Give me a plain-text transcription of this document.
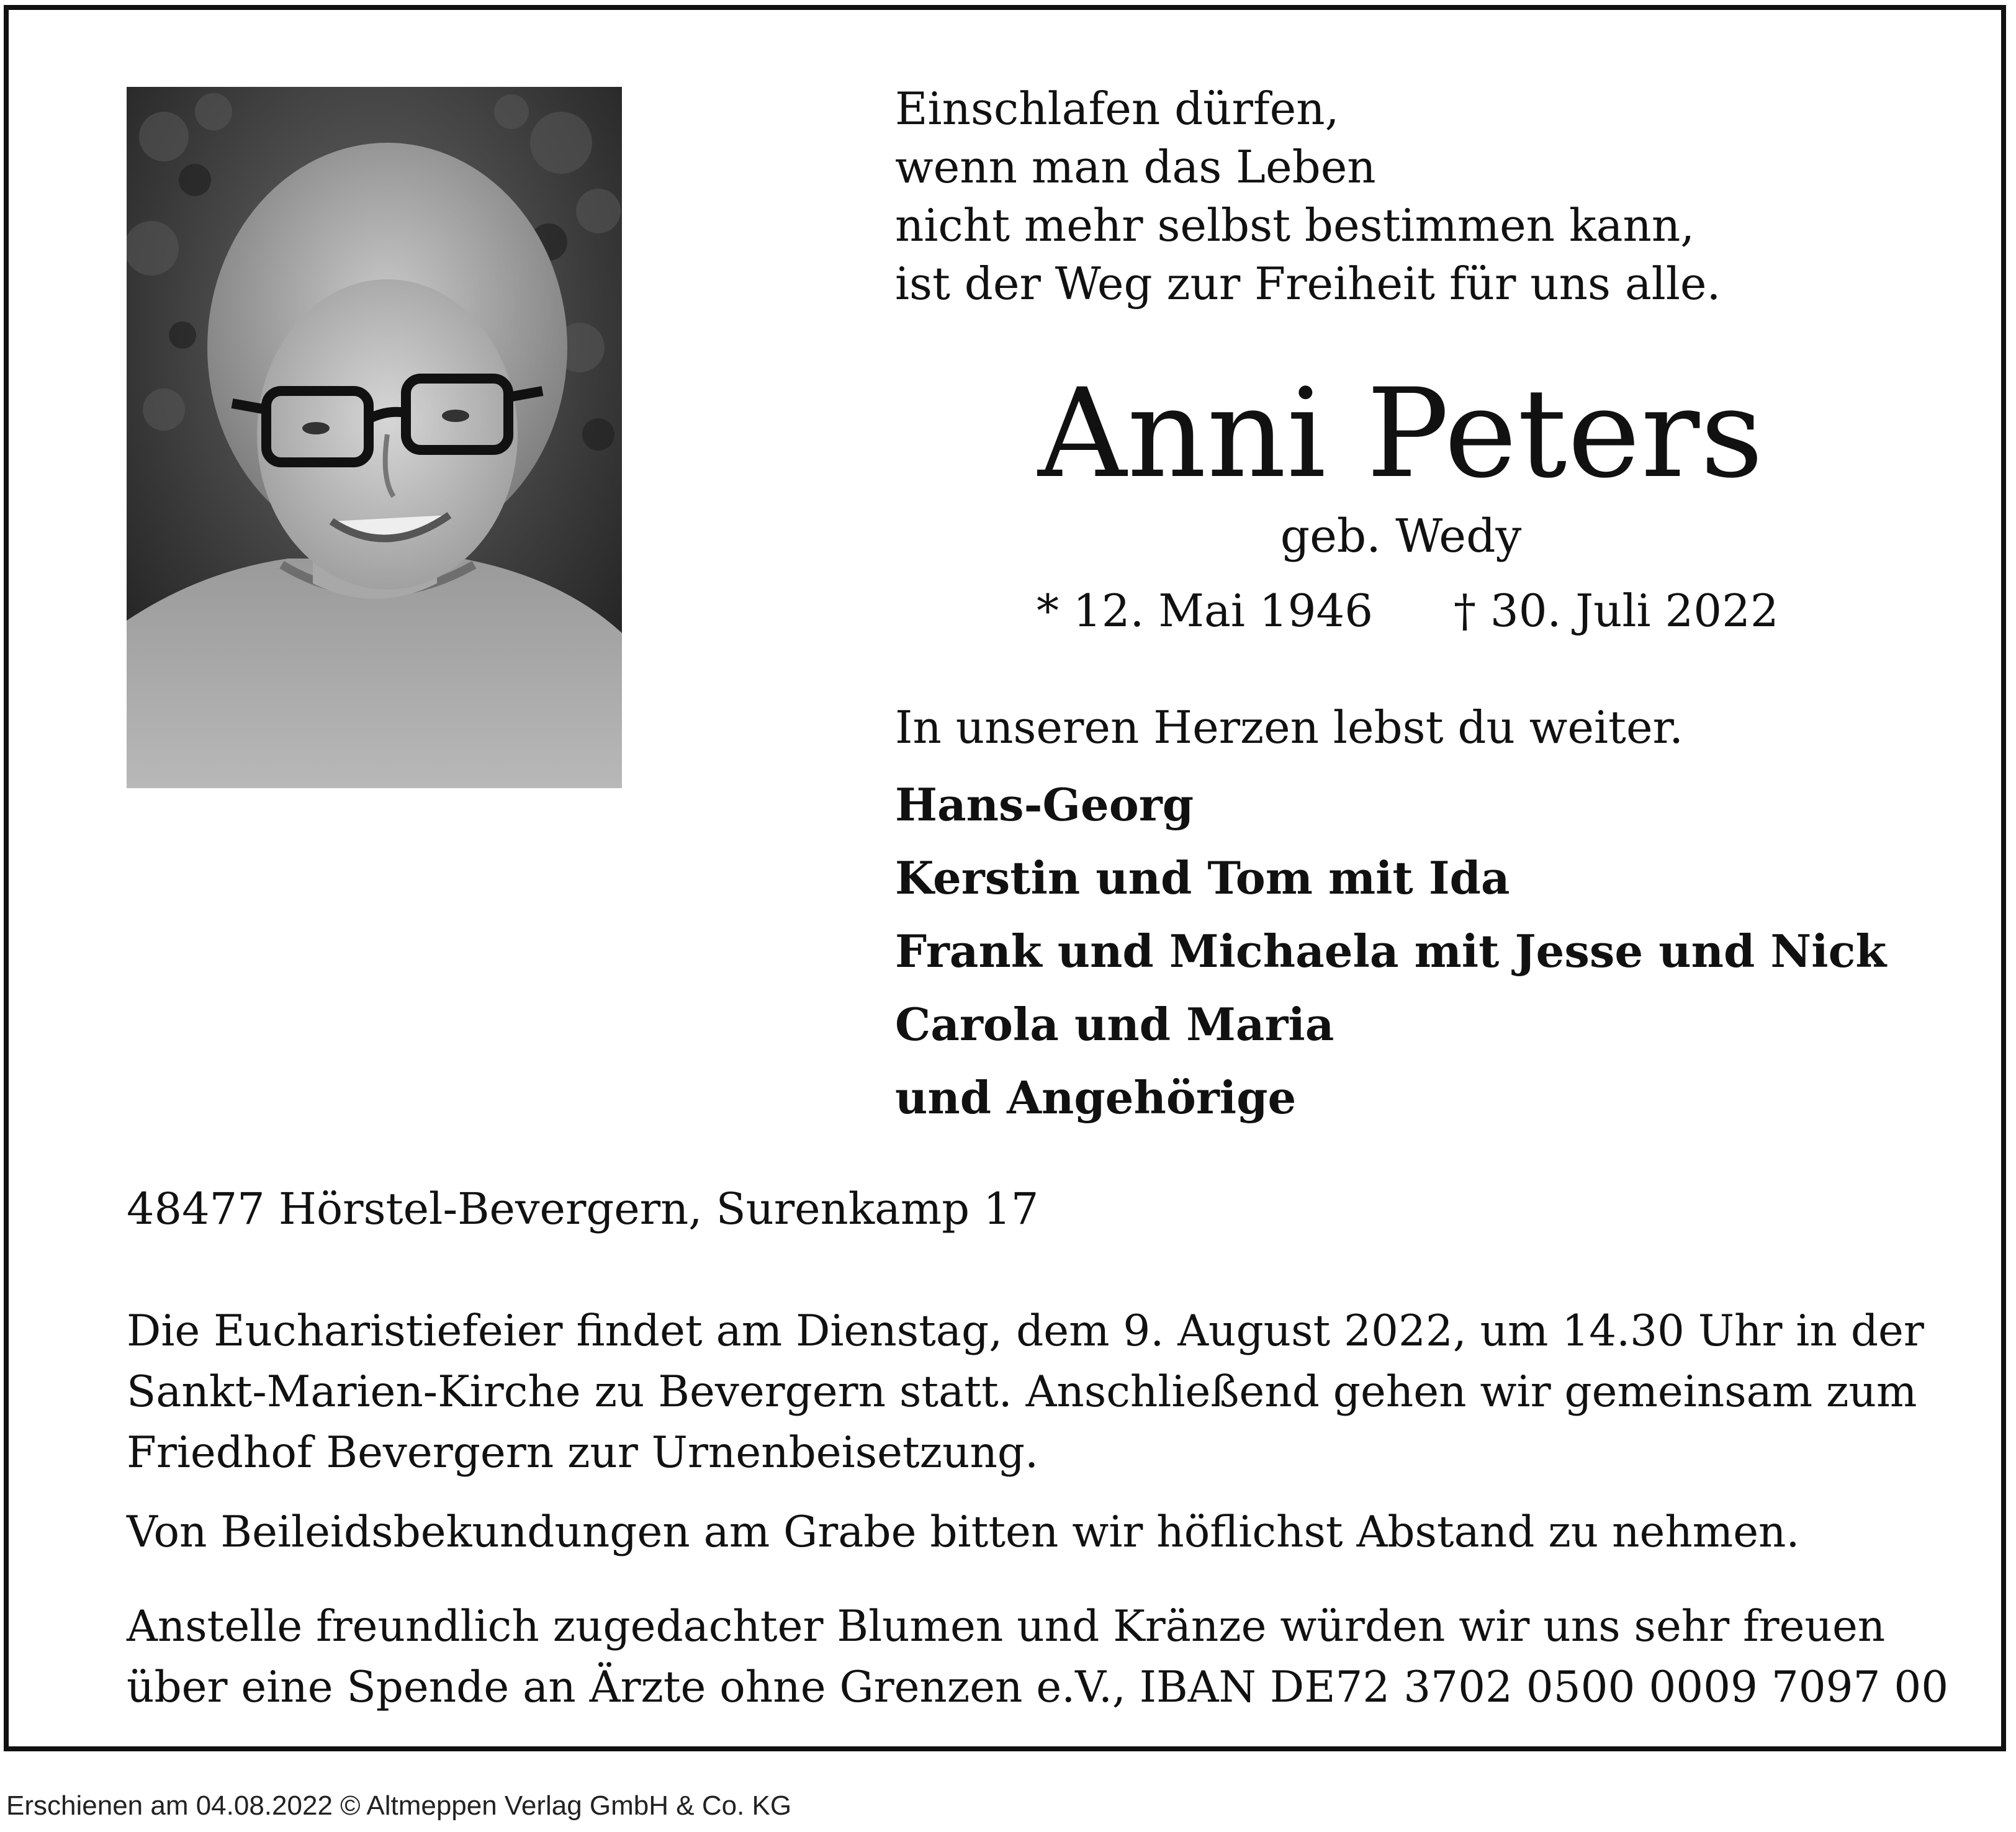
Einschlafen dürfen,
wenn man das Leben
nicht mehr selbst bestimmen kann,
ist der Weg zur Freiheit für uns alle.
Anni Peters
geb. Wedy
* 12. Mai 1946 † 30. Juli 2022
In unseren Herzen lebst du weiter.
Hans-Georg
Kerstin und Tom mit Ida
Frank und Michaela mit Jesse und Nick
Carola und Maria
und Angehörige
48477 Hörstel-Bevergern, Surenkamp 17
Die Eucharistiefeier findet am Dienstag, dem 9. August 2022, um 14.30 Uhr in der
Sankt-Marien-Kirche zu Bevergern statt. Anschließend gehen wir gemeinsam zum
Friedhof Bevergern zur Urnenbeisetzung.
Von Beileidsbekundungen am Grabe bitten wir höflichst Abstand zu nehmen.
Anstelle freundlich zugedachter Blumen und Kränze würden wir uns sehr freuen
über eine Spende an Ärzte ohne Grenzen e.V., IBAN DE72 3702 0500 0009 7097 00
Erschienen am 04.08.2022 © Altmeppen Verlag GmbH & Co. KG
